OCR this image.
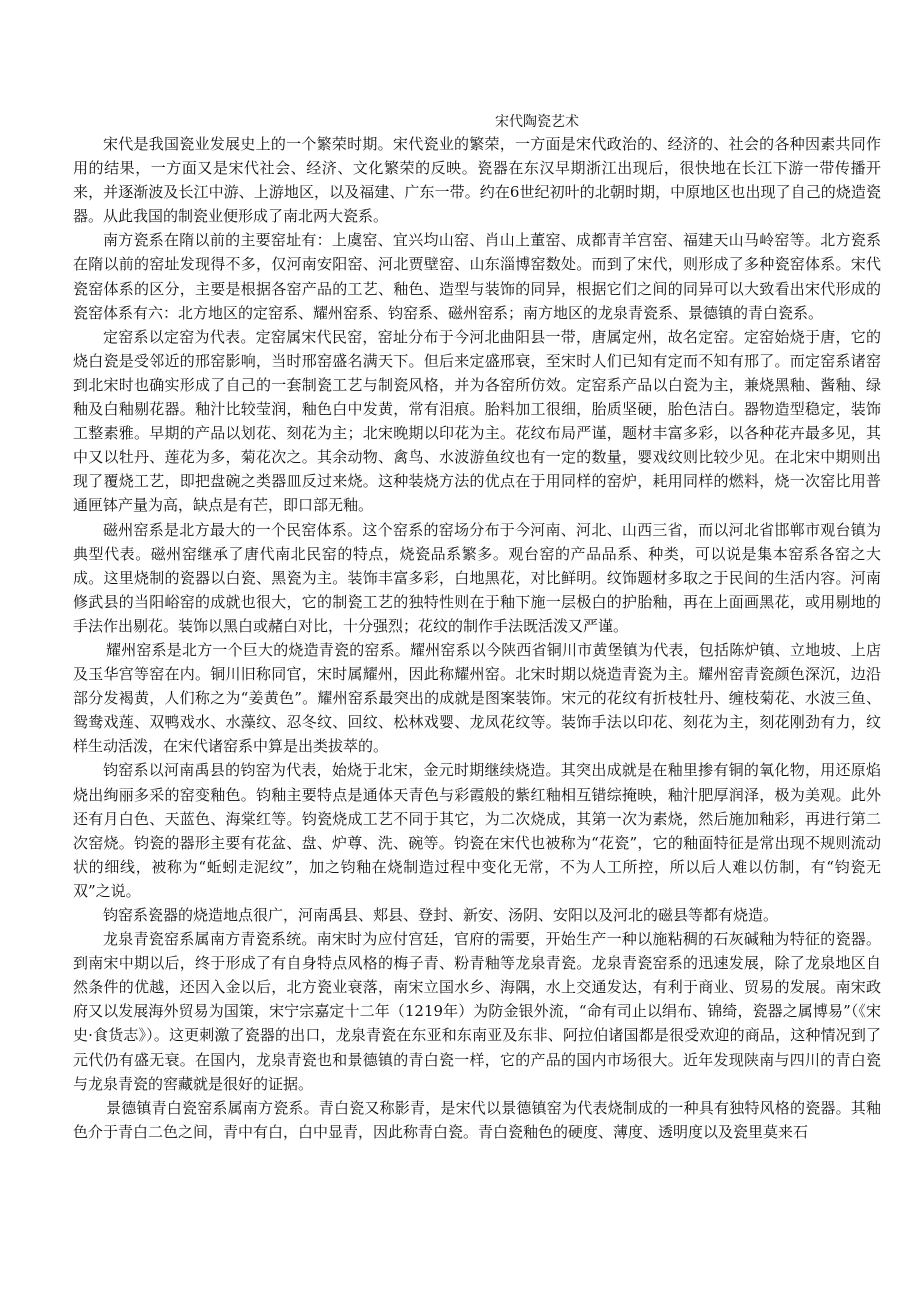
宋代陶瓷艺术

宋代是我国瓷业发展史上的一个繁荣时期。宋代瓷业的繁荣，一方面是宋代政治的、经济的、社会的各种因素共同作用的结果，一方面又是宋代社会、经济、文化繁荣的反映。瓷器在东汉早期浙江出现后，很快地在长江下游一带传播开来，并逐渐波及长江中游、上游地区，以及福建、广东一带。约在6世纪初叶的北朝时期，中原地区也出现了自己的烧造瓷器。从此我国的制瓷业便形成了南北两大瓷系。

南方瓷系在隋以前的主要窑址有：上虞窑、宜兴均山窑、肖山上董窑、成都青羊宫窑、福建天山马岭窑等。北方瓷系在隋以前的窑址发现得不多，仅河南安阳窑、河北贾壁窑、山东淄博窑数处。而到了宋代，则形成了多种瓷窑体系。宋代瓷窑体系的区分，主要是根据各窑产品的工艺、釉色、造型与装饰的同异，根据它们之间的同异可以大致看出宋代形成的瓷窑体系有六：北方地区的定窑系、耀州窑系、钧窑系、磁州窑系；南方地区的龙泉青瓷系、景德镇的青白瓷系。

定窑系以定窑为代表。定窑属宋代民窑，窑址分布于今河北曲阳县一带，唐属定州，故名定窑。定窑始烧于唐，它的烧白瓷是受邻近的邢窑影响，当时邢窑盛名满天下。但后来定盛邢衰，至宋时人们已知有定而不知有邢了。而定窑系诸窑到北宋时也确实形成了自己的一套制瓷工艺与制瓷风格，并为各窑所仿效。定窑系产品以白瓷为主，兼烧黑釉、酱釉、绿釉及白釉剔花器。釉汁比较莹润，釉色白中发黄，常有泪痕。胎料加工很细，胎质坚硬，胎色洁白。器物造型稳定，装饰工整素雅。早期的产品以划花、刻花为主；北宋晚期以印花为主。花纹布局严谨，题材丰富多彩，以各种花卉最多见，其中又以牡丹、莲花为多，菊花次之。其余动物、禽鸟、水波游鱼纹也有一定的数量，婴戏纹则比较少见。在北宋中期则出现了覆烧工艺，即把盘碗之类器皿反过来烧。这种装烧方法的优点在于用同样的窑炉，耗用同样的燃料，烧一次窑比用普通匣钵产量为高，缺点是有芒，即口部无釉。

磁州窑系是北方最大的一个民窑体系。这个窑系的窑场分布于今河南、河北、山西三省，而以河北省邯郸市观台镇为典型代表。磁州窑继承了唐代南北民窑的特点，烧瓷品系繁多。观台窑的产品品系、种类，可以说是集本窑系各窑之大成。这里烧制的瓷器以白瓷、黑瓷为主。装饰丰富多彩，白地黑花，对比鲜明。纹饰题材多取之于民间的生活内容。河南修武县的当阳峪窑的成就也很大，它的制瓷工艺的独特性则在于釉下施一层极白的护胎釉，再在上面画黑花，或用剔地的手法作出剔花。装饰以黑白或赭白对比，十分强烈；花纹的制作手法既活泼又严谨。

耀州窑系是北方一个巨大的烧造青瓷的窑系。耀州窑系以今陕西省铜川市黄堡镇为代表，包括陈炉镇、立地坡、上店及玉华宫等窑在内。铜川旧称同官，宋时属耀州，因此称耀州窑。北宋时期以烧造青瓷为主。耀州窑青瓷颜色深沉，边沿部分发褐黄，人们称之为“姜黄色”。耀州窑系最突出的成就是图案装饰。宋元的花纹有折枝牡丹、缠枝菊花、水波三鱼、鸳鸯戏莲、双鸭戏水、水藻纹、忍冬纹、回纹、松林戏婴、龙凤花纹等。装饰手法以印花、刻花为主，刻花刚劲有力，纹样生动活泼，在宋代诸窑系中算是出类拔萃的。

钧窑系以河南禹县的钧窑为代表，始烧于北宋，金元时期继续烧造。其突出成就是在釉里掺有铜的氧化物，用还原焰烧出绚丽多采的窑变釉色。钧釉主要特点是通体天青色与彩霞般的紫红釉相互错综掩映，釉汁肥厚润泽，极为美观。此外还有月白色、天蓝色、海棠红等。钧瓷烧成工艺不同于其它，为二次烧成，其第一次为素烧，然后施加釉彩，再进行第二次窑烧。钧瓷的器形主要有花盆、盘、炉尊、洗、碗等。钧瓷在宋代也被称为“花瓷”，它的釉面特征是常出现不规则流动状的细线，被称为“蚯蚓走泥纹”，加之钧釉在烧制造过程中变化无常，不为人工所控，所以后人难以仿制，有“钧瓷无双”之说。

钧窑系瓷器的烧造地点很广，河南禹县、郏县、登封、新安、汤阴、安阳以及河北的磁县等都有烧造。

龙泉青瓷窑系属南方青瓷系统。南宋时为应付宫廷，官府的需要，开始生产一种以施粘稠的石灰碱釉为特征的瓷器。到南宋中期以后，终于形成了有自身特点风格的梅子青、粉青釉等龙泉青瓷。龙泉青瓷窑系的迅速发展，除了龙泉地区自然条件的优越，还因入金以后，北方瓷业衰落，南宋立国水乡、海隅，水上交通发达，有利于商业、贸易的发展。南宋政府又以发展海外贸易为国策，宋宁宗嘉定十二年（1219年）为防金银外流，“命有司止以绢布、锦绮，瓷器之属博易”（《宋史·食货志》）。这更刺激了瓷器的出口，龙泉青瓷在东亚和东南亚及东非、阿拉伯诸国都是很受欢迎的商品，这种情况到了元代仍有盛无衰。在国内，龙泉青瓷也和景德镇的青白瓷一样，它的产品的国内市场很大。近年发现陕南与四川的青白瓷与龙泉青瓷的窖藏就是很好的证据。

景德镇青白瓷窑系属南方瓷系。青白瓷又称影青，是宋代以景德镇窑为代表烧制成的一种具有独特风格的瓷器。其釉色介于青白二色之间，青中有白，白中显青，因此称青白瓷。青白瓷釉色的硬度、薄度、透明度以及瓷里莫来石
